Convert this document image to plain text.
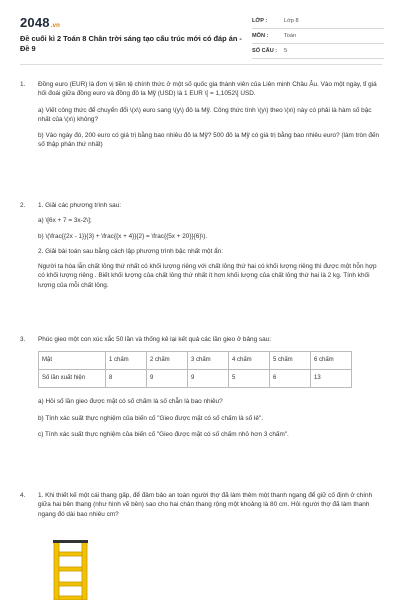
2048.vn
Đề cuối kì 2 Toán 8 Chân trời sáng tạo cấu trúc mới có đáp án - Đề 9
LỚP :	Lớp 8
MÔN :	Toán
SỐ CÂU :	5
1.	Đồng euro (EUR) là đơn vị tiền tệ chính thức ở một số quốc gia thành viên của Liên minh Châu Âu. Vào một ngày, tỉ giá hối đoái giữa đồng euro và đồng đô la Mỹ (USD) là 1 EUR \[ = 1,1052\] USD.

a) Viết công thức để chuyển đổi \(x\) euro sang \(y\) đô la Mỹ. Công thức tính \(y\) theo \(x\) này có phải là hàm số bậc nhất của \(x\) không?

b) Vào ngày đó, 200 euro có giá trị bằng bao nhiêu đô la Mỹ? 500 đô la Mỹ có giá trị bằng bao nhiêu euro? (làm tròn đến số thập phân thứ nhất)

2.	1. Giải các phương trình sau:

a) \[6x + 7 = 3x-2\];

b) \(\frac{{2x - 1}}{3} + \frac{{x + 4}}{2} = \frac{{5x + 20}}{6}\).

2. Giải bài toán sau bằng cách lập phương trình bậc nhất một ẩn:

Người ta hòa lẫn chất lỏng thứ nhất có khối lượng riêng với chất lỏng thứ hai có khối lượng riêng thì được một hỗn hợp có khối lượng riêng . Biết khối lượng của chất lỏng thứ nhất ít hơn khối lượng của chất lỏng thứ hai là 2 kg. Tính khối lượng của mỗi chất lỏng.

3.	Phúc gieo một con xúc xắc 50 lần và thống kê lại kết quả các lần gieo ở bảng sau:

Mặt	1 chấm	2 chấm	3 chấm	4 chấm	5 chấm	6 chấm
Số lần xuất hiện	8	9	9	5	6	13

a) Hỏi số lần gieo được mặt có số chấm là số chẵn là bao nhiêu?

b) Tính xác suất thực nghiệm của biến cố "Gieo được mặt có số chấm là số lẻ".

c) Tính xác suất thực nghiệm của biến cố "Gieo được mặt có số chấm nhỏ hơn 3 chấm".

4.	1. Khi thiết kế một cái thang gấp, để đảm bảo an toàn người thợ đã làm thêm một thanh ngang để giữ cố định ở chính giữa hai bên thang (như hình vẽ bên) sao cho hai chân thang rộng một khoảng là 80 cm. Hỏi người thợ đã làm thanh ngang đó dài bao nhiêu cm?
